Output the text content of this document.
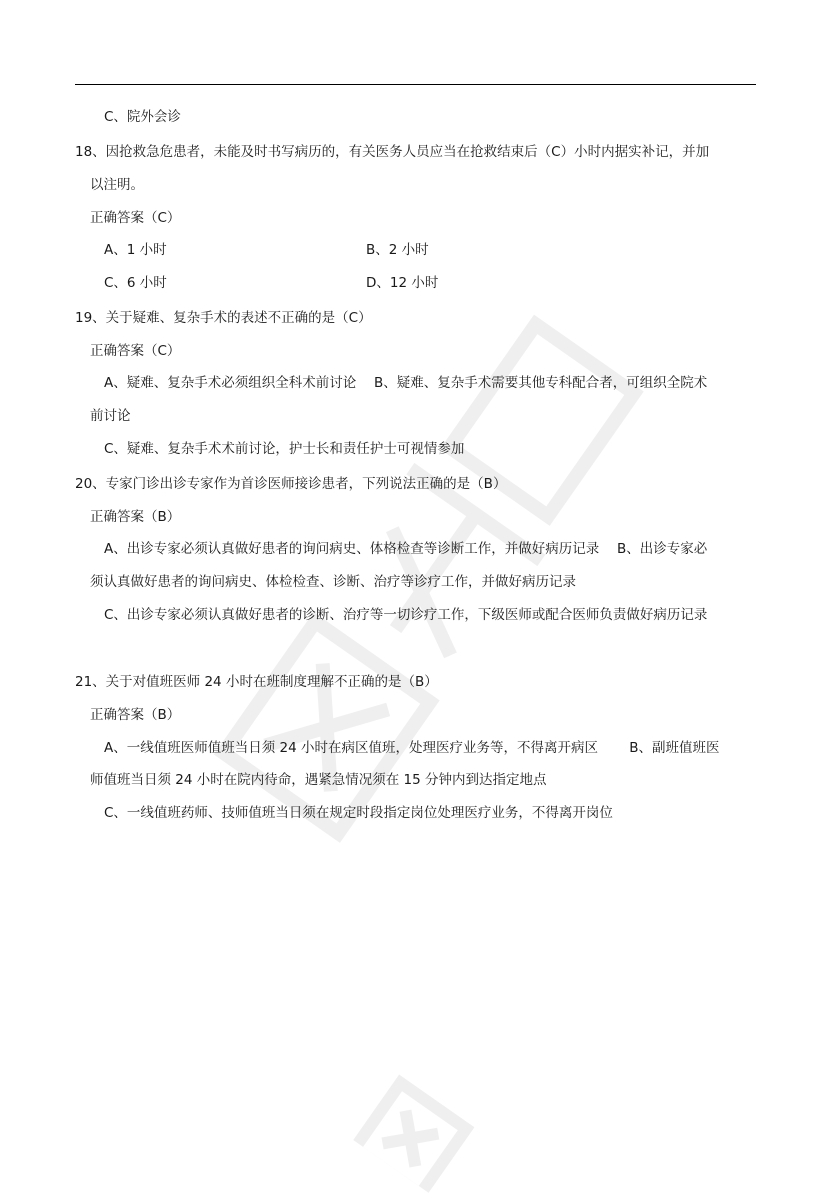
C、院外会诊
18、因抢救急危患者，未能及时书写病历的，有关医务人员应当在抢救结束后（C）小时内据实补记，并加
以注明。
正确答案（C）
A、1 小时	B、2 小时
C、6 小时	D、12 小时
19、关于疑难、复杂手术的表述不正确的是（C）
正确答案（C）
A、疑难、复杂手术必须组织全科术前讨论　 B、疑难、复杂手术需要其他专科配合者，可组织全院术
前讨论
C、疑难、复杂手术术前讨论，护士长和责任护士可视情参加
20、专家门诊出诊专家作为首诊医师接诊患者，下列说法正确的是（B）
正确答案（B）
A、出诊专家必须认真做好患者的询问病史、体格检查等诊断工作，并做好病历记录　 B、出诊专家必
须认真做好患者的询问病史、体检检查、诊断、治疗等诊疗工作，并做好病历记录
C、出诊专家必须认真做好患者的诊断、治疗等一切诊疗工作，下级医师或配合医师负责做好病历记录
21、关于对值班医师 24 小时在班制度理解不正确的是（B）
正确答案（B）
A、一线值班医师值班当日须 24 小时在病区值班，处理医疗业务等，不得离开病区　　 B、副班值班医
师值班当日须 24 小时在院内待命，遇紧急情况须在 15 分钟内到达指定地点
C、一线值班药师、技师值班当日须在规定时段指定岗位处理医疗业务，不得离开岗位
